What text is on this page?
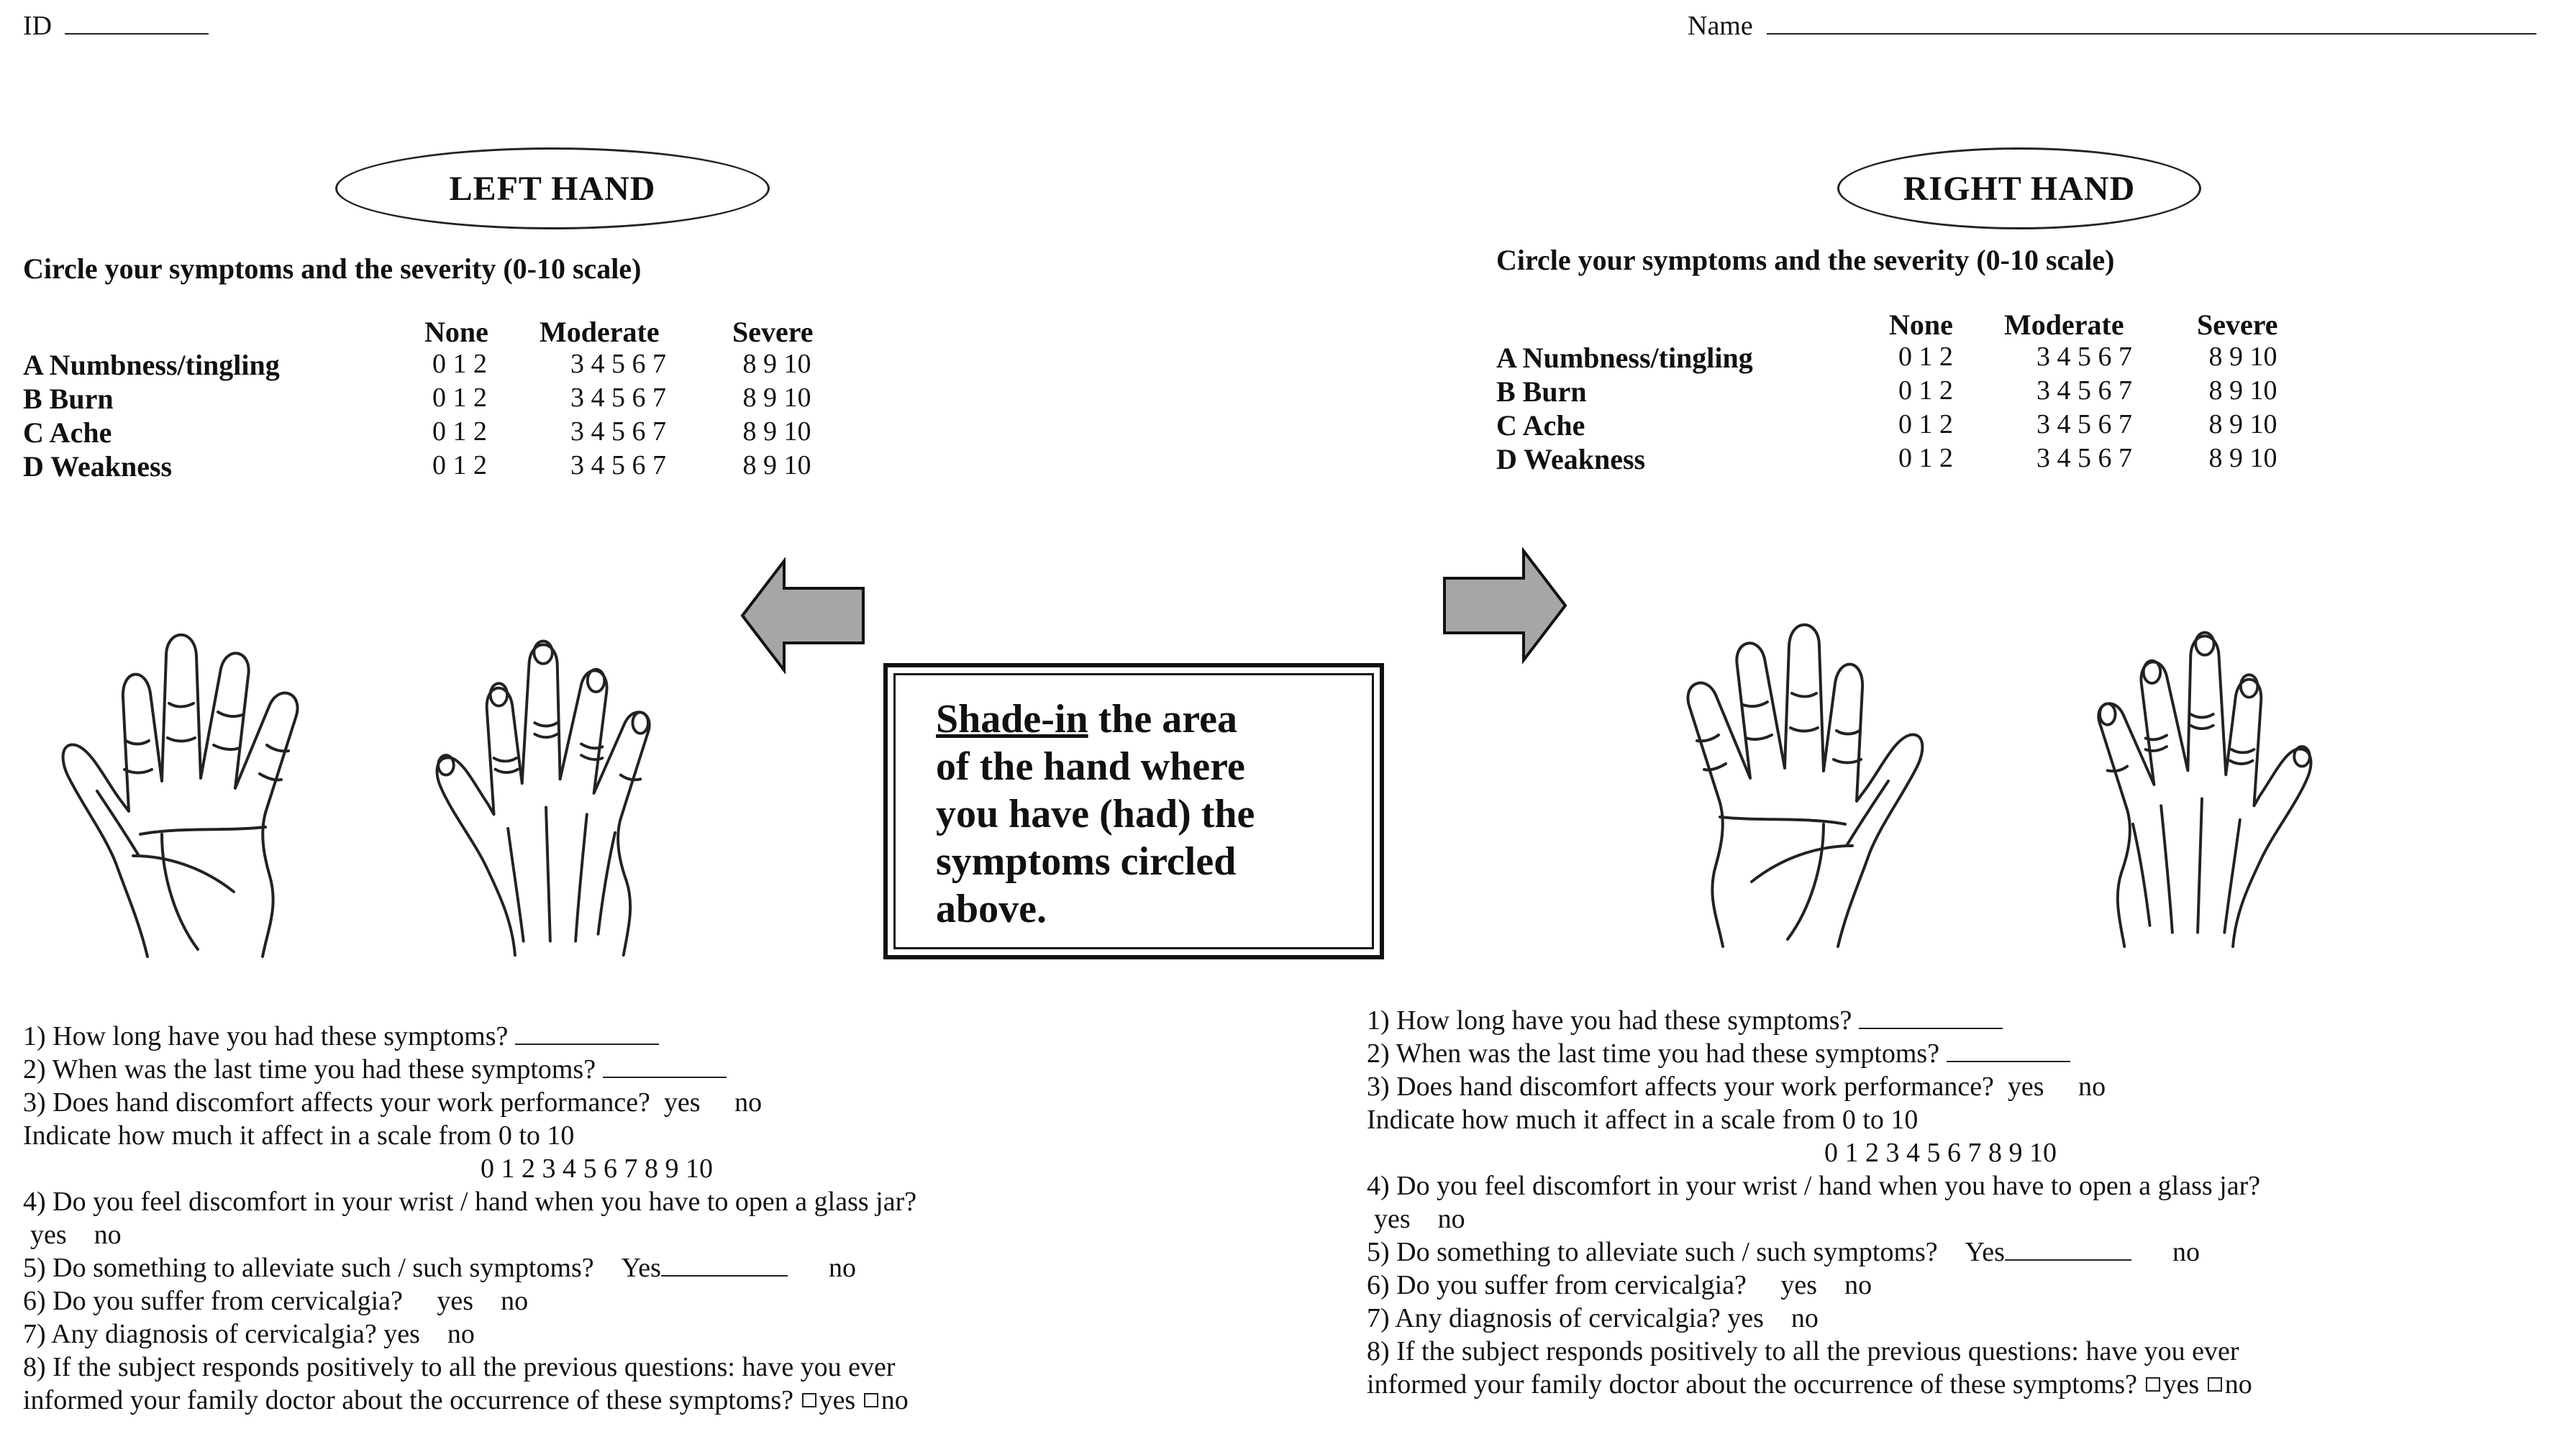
ID	Name
LEFT HAND
Circle your symptoms and the severity (0-10 scale)
None Moderate	Severe
A Numbness/tingling	0 1 2	3 4 5 6 7	8 9 10
B Burn	0 1 2	3 4 5 6 7	8 9 10
C Ache	0 1 2	3 4 5 6 7	8 9 10
D Weakness	0 1 2	3 4 5 6 7	8 9 10
RIGHT HAND
Circle your symptoms and the severity (0-10 scale)
None Moderate	Severe
A Numbness/tingling	0 1 2	3 4 5 6 7	8 9 10
B Burn	0 1 2	3 4 5 6 7	8 9 10
C Ache	0 1 2	3 4 5 6 7	8 9 10
D Weakness	0 1 2	3 4 5 6 7	8 9 10
Shade-in the area
of the hand where
you have (had) the
symptoms circled
above.
1) How long have you had these symptoms?
2) When was the last time you had these symptoms?
3) Does hand discomfort affects your work performance? yes no
Indicate how much it affect in a scale from 0 to 10
0 1 2 3 4 5 6 7 8 9 10
4) Do you feel discomfort in your wrist / hand when you have to open a glass jar?
yes    no
5) Do something to alleviate such / such symptoms? Yes	no
6) Do you suffer from cervicalgia? yes    no
7) Any diagnosis of cervicalgia? yes    no
8) If the subject responds positively to all the previous questions: have you ever
informed your family doctor about the occurrence of these symptoms? yes no
1) How long have you had these symptoms?
2) When was the last time you had these symptoms?
3) Does hand discomfort affects your work performance? yes no
Indicate how much it affect in a scale from 0 to 10
0 1 2 3 4 5 6 7 8 9 10
4) Do you feel discomfort in your wrist / hand when you have to open a glass jar?
yes    no
5) Do something to alleviate such / such symptoms? Yes	no
6) Do you suffer from cervicalgia? yes    no
7) Any diagnosis of cervicalgia? yes    no
8) If the subject responds positively to all the previous questions: have you ever
informed your family doctor about the occurrence of these symptoms? yes no
